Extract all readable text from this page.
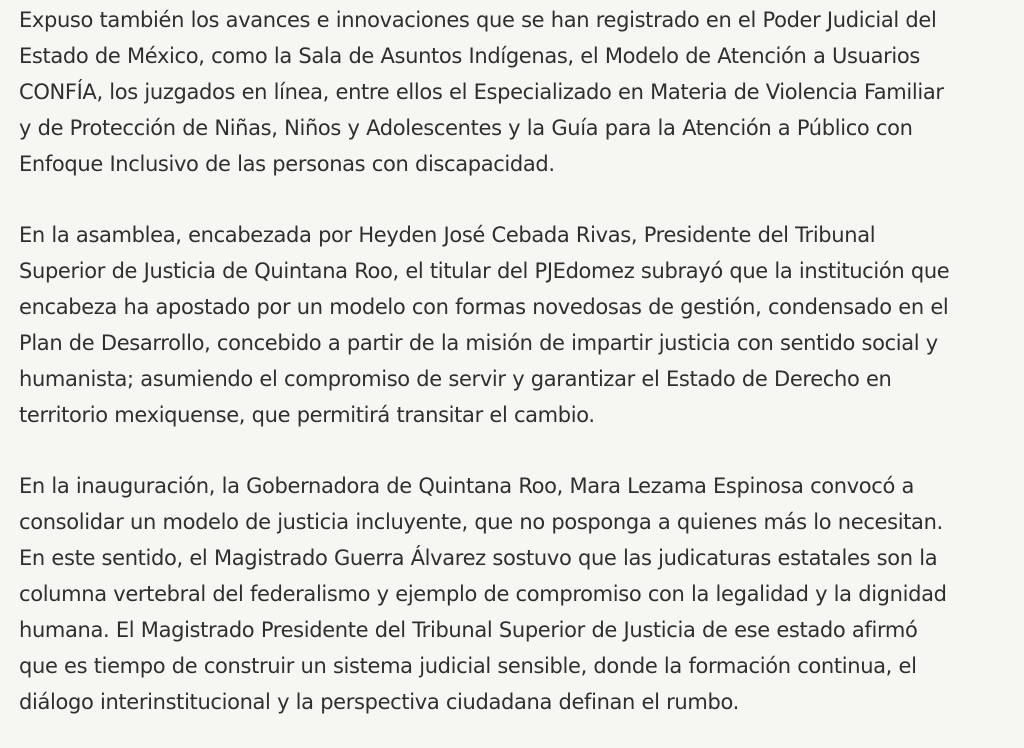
Expuso también los avances e innovaciones que se han registrado en el Poder Judicial del
Estado de México, como la Sala de Asuntos Indígenas, el Modelo de Atención a Usuarios
CONFÍA, los juzgados en línea, entre ellos el Especializado en Materia de Violencia Familiar
y de Protección de Niñas, Niños y Adolescentes y la Guía para la Atención a Público con
Enfoque Inclusivo de las personas con discapacidad.

En la asamblea, encabezada por Heyden José Cebada Rivas, Presidente del Tribunal
Superior de Justicia de Quintana Roo, el titular del PJEdomez subrayó que la institución que
encabeza ha apostado por un modelo con formas novedosas de gestión, condensado en el
Plan de Desarrollo, concebido a partir de la misión de impartir justicia con sentido social y
humanista; asumiendo el compromiso de servir y garantizar el Estado de Derecho en
territorio mexiquense, que permitirá transitar el cambio.

En la inauguración, la Gobernadora de Quintana Roo, Mara Lezama Espinosa convocó a
consolidar un modelo de justicia incluyente, que no posponga a quienes más lo necesitan.
En este sentido, el Magistrado Guerra Álvarez sostuvo que las judicaturas estatales son la
columna vertebral del federalismo y ejemplo de compromiso con la legalidad y la dignidad
humana. El Magistrado Presidente del Tribunal Superior de Justicia de ese estado afirmó
que es tiempo de construir un sistema judicial sensible, donde la formación continua, el
diálogo interinstitucional y la perspectiva ciudadana definan el rumbo.
